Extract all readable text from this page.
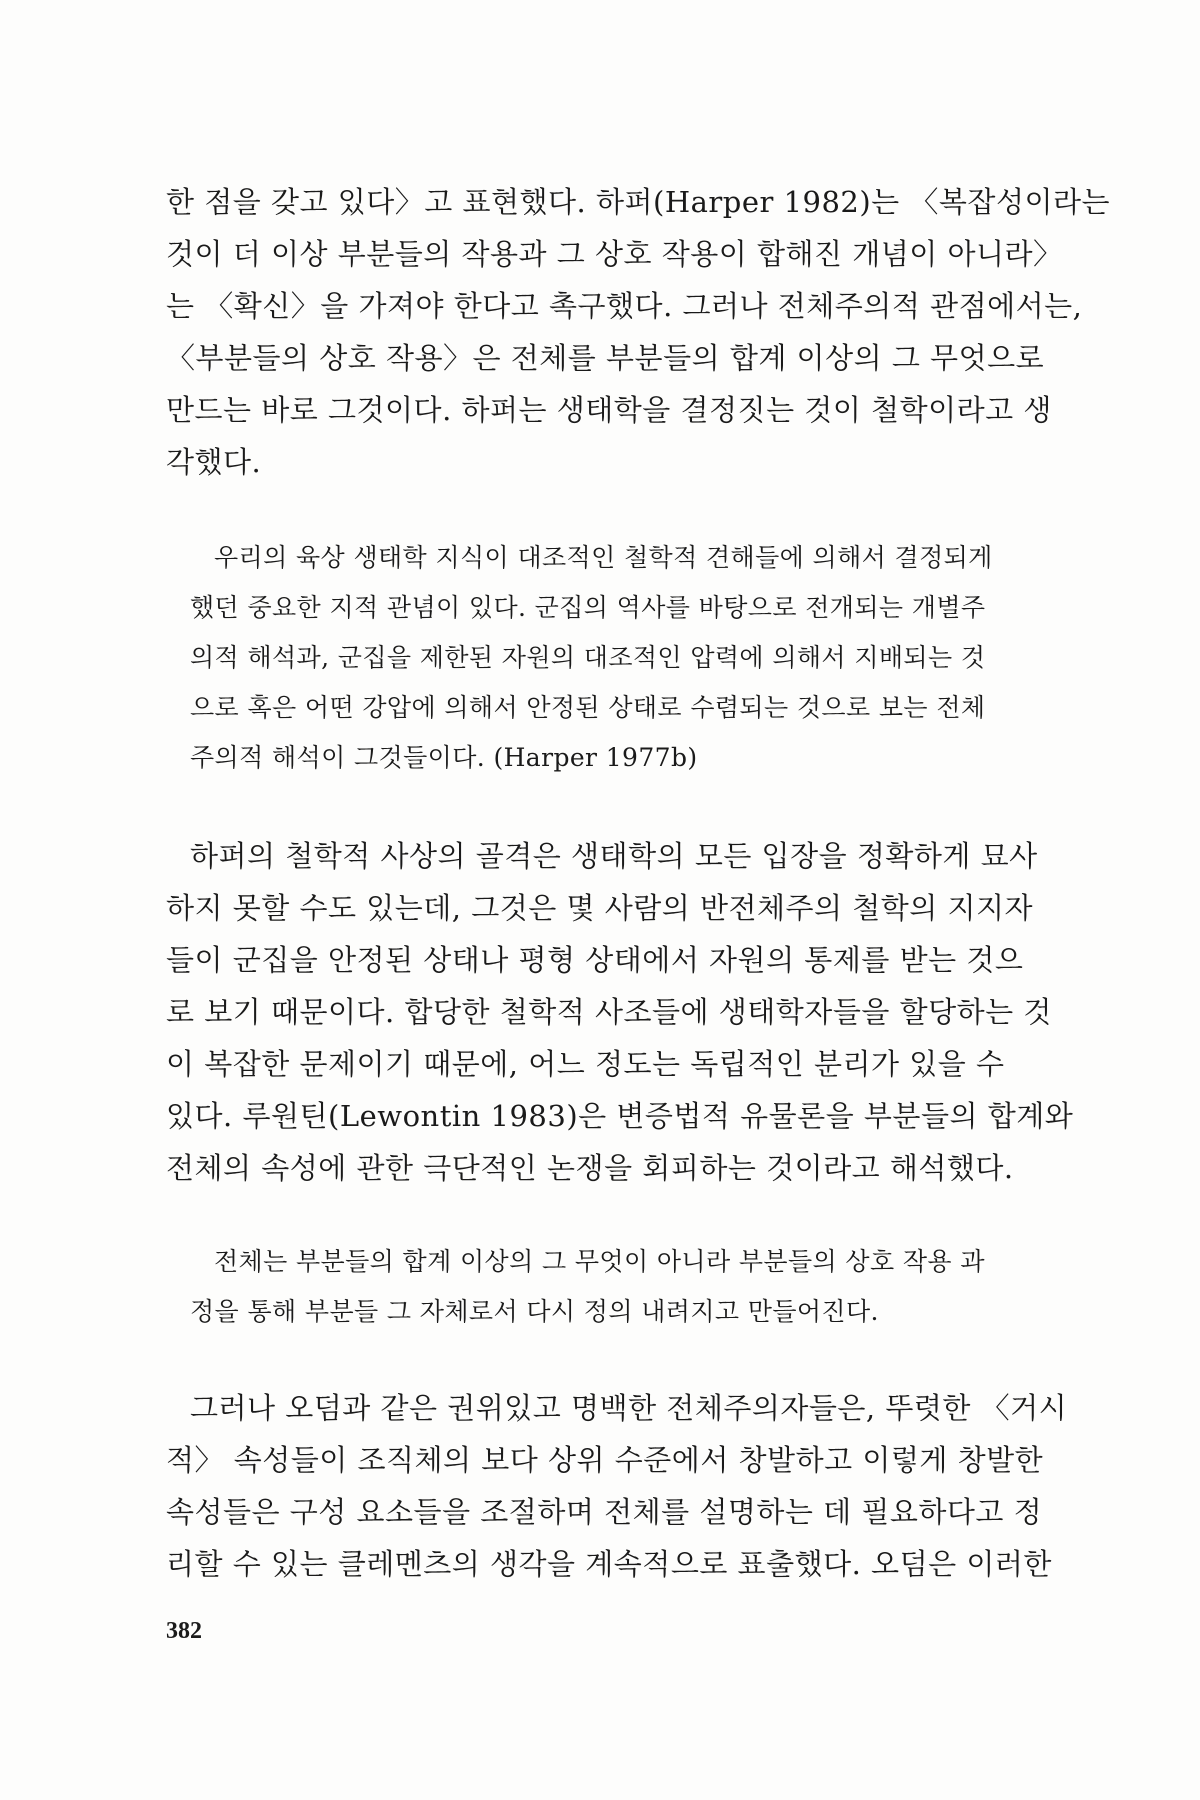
한 점을 갖고 있다〉고 표현했다. 하퍼(Harper 1982)는 〈복잡성이라는

것이 더 이상 부분들의 작용과 그 상호 작용이 합해진 개념이 아니라〉

는 〈확신〉을 가져야 한다고 촉구했다. 그러나 전체주의적 관점에서는,

〈부분들의 상호 작용〉은 전체를 부분들의 합계 이상의 그 무엇으로

만드는 바로 그것이다. 하퍼는 생태학을 결정짓는 것이 철학이라고 생

각했다.

우리의 육상 생태학 지식이 대조적인 철학적 견해들에 의해서 결정되게

했던 중요한 지적 관념이 있다. 군집의 역사를 바탕으로 전개되는 개별주

의적 해석과, 군집을 제한된 자원의 대조적인 압력에 의해서 지배되는 것

으로 혹은 어떤 강압에 의해서 안정된 상태로 수렴되는 것으로 보는 전체

주의적 해석이 그것들이다. (Harper 1977b)

하퍼의 철학적 사상의 골격은 생태학의 모든 입장을 정확하게 묘사

하지 못할 수도 있는데, 그것은 몇 사람의 반전체주의 철학의 지지자

들이 군집을 안정된 상태나 평형 상태에서 자원의 통제를 받는 것으

로 보기 때문이다. 합당한 철학적 사조들에 생태학자들을 할당하는 것

이 복잡한 문제이기 때문에, 어느 정도는 독립적인 분리가 있을 수

있다. 루원틴(Lewontin 1983)은 변증법적 유물론을 부분들의 합계와

전체의 속성에 관한 극단적인 논쟁을 회피하는 것이라고 해석했다.

전체는 부분들의 합계 이상의 그 무엇이 아니라 부분들의 상호 작용 과

정을 통해 부분들 그 자체로서 다시 정의 내려지고 만들어진다.

그러나 오덤과 같은 권위있고 명백한 전체주의자들은, 뚜렷한 〈거시

적〉 속성들이 조직체의 보다 상위 수준에서 창발하고 이렇게 창발한

속성들은 구성 요소들을 조절하며 전체를 설명하는 데 필요하다고 정

리할 수 있는 클레멘츠의 생각을 계속적으로 표출했다. 오덤은 이러한

382
